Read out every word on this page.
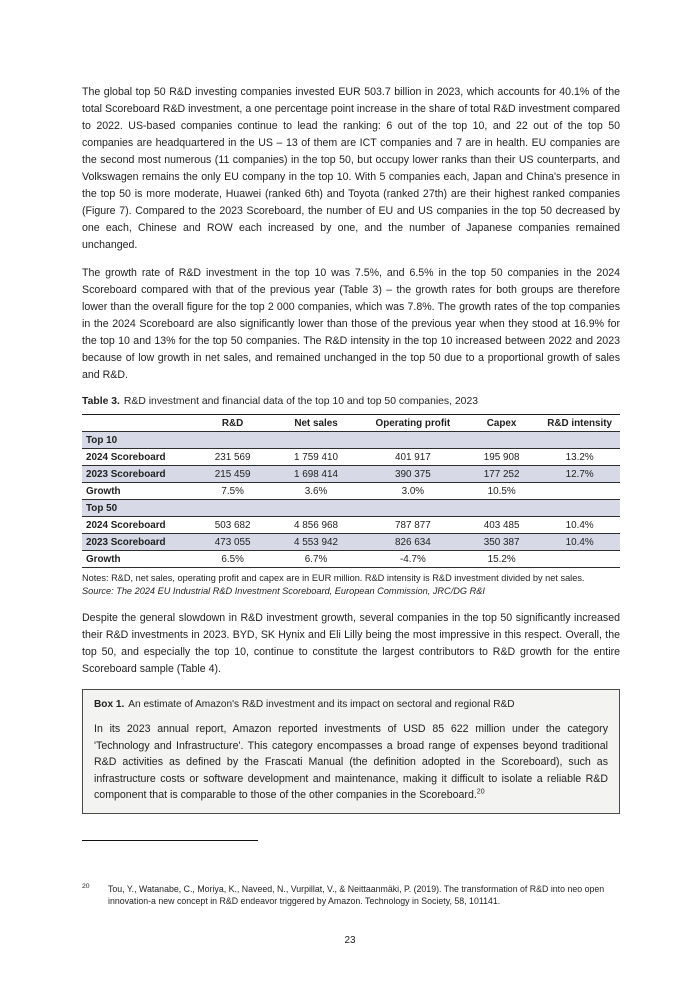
The global top 50 R&D investing companies invested EUR 503.7 billion in 2023, which accounts for 40.1% of the total Scoreboard R&D investment, a one percentage point increase in the share of total R&D investment compared to 2022. US-based companies continue to lead the ranking: 6 out of the top 10, and 22 out of the top 50 companies are headquartered in the US – 13 of them are ICT companies and 7 are in health. EU companies are the second most numerous (11 companies) in the top 50, but occupy lower ranks than their US counterparts, and Volkswagen remains the only EU company in the top 10. With 5 companies each, Japan and China's presence in the top 50 is more moderate, Huawei (ranked 6th) and Toyota (ranked 27th) are their highest ranked companies (Figure 7). Compared to the 2023 Scoreboard, the number of EU and US companies in the top 50 decreased by one each, Chinese and ROW each increased by one, and the number of Japanese companies remained unchanged.

The growth rate of R&D investment in the top 10 was 7.5%, and 6.5% in the top 50 companies in the 2024 Scoreboard compared with that of the previous year (Table 3) – the growth rates for both groups are therefore lower than the overall figure for the top 2 000 companies, which was 7.8%. The growth rates of the top companies in the 2024 Scoreboard are also significantly lower than those of the previous year when they stood at 16.9% for the top 10 and 13% for the top 50 companies. The R&D intensity in the top 10 increased between 2022 and 2023 because of low growth in net sales, and remained unchanged in the top 50 due to a proportional growth of sales and R&D.

Table 3. R&D investment and financial data of the top 10 and top 50 companies, 2023
	R&D	Net sales	Operating profit	Capex	R&D intensity
Top 10					
2024 Scoreboard	231 569	1 759 410	401 917	195 908	13.2%
2023 Scoreboard	215 459	1 698 414	390 375	177 252	12.7%
Growth	7.5%	3.6%	3.0%	10.5%	
Top 50					
2024 Scoreboard	503 682	4 856 968	787 877	403 485	10.4%
2023 Scoreboard	473 055	4 553 942	826 634	350 387	10.4%
Growth	6.5%	6.7%	-4.7%	15.2%	
Notes: R&D, net sales, operating profit and capex are in EUR million. R&D intensity is R&D investment divided by net sales.
Source: The 2024 EU Industrial R&D Investment Scoreboard, European Commission, JRC/DG R&I

Despite the general slowdown in R&D investment growth, several companies in the top 50 significantly increased their R&D investments in 2023. BYD, SK Hynix and Eli Lilly being the most impressive in this respect. Overall, the top 50, and especially the top 10, continue to constitute the largest contributors to R&D growth for the entire Scoreboard sample (Table 4).

Box 1. An estimate of Amazon's R&D investment and its impact on sectoral and regional R&D

In its 2023 annual report, Amazon reported investments of USD 85 622 million under the category 'Technology and Infrastructure'. This category encompasses a broad range of expenses beyond traditional R&D activities as defined by the Frascati Manual (the definition adopted in the Scoreboard), such as infrastructure costs or software development and maintenance, making it difficult to isolate a reliable R&D component that is comparable to those of the other companies in the Scoreboard.$^{20}$

20 Tou, Y., Watanabe, C., Moriya, K., Naveed, N., Vurpillat, V., & Neittaanmäki, P. (2019). The transformation of R&D into neo open innovation-a new concept in R&D endeavor triggered by Amazon. Technology in Society, 58, 101141.
23
